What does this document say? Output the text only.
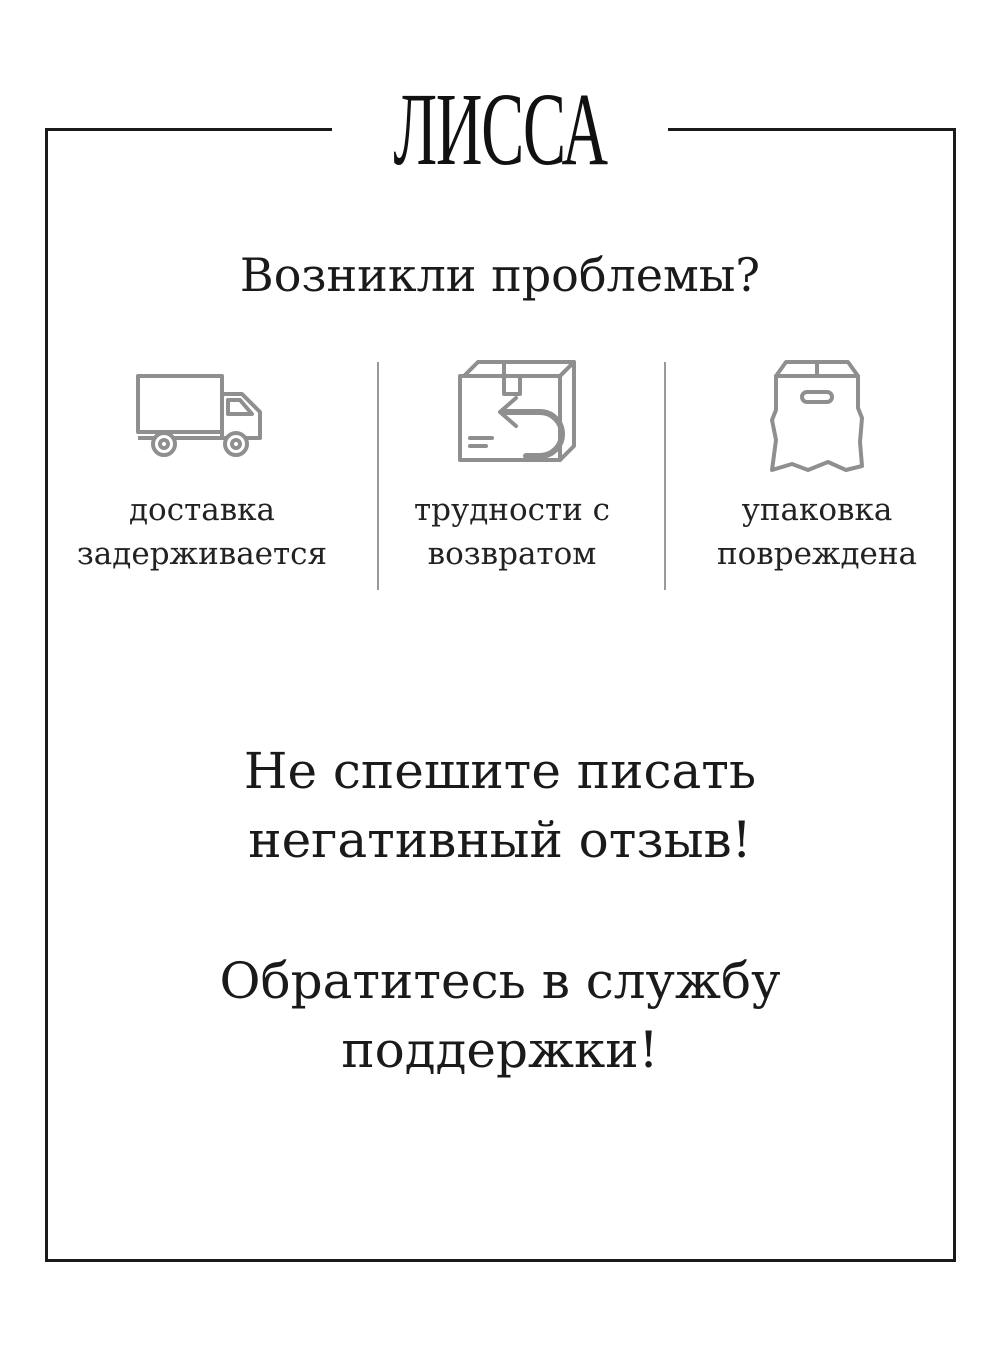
ЛИССА
Возникли проблемы?
доставка
задерживается
трудности с
возвратом
упаковка
повреждена
Не спешите писать
негативный отзыв!
Обратитесь в службу
поддержки!
